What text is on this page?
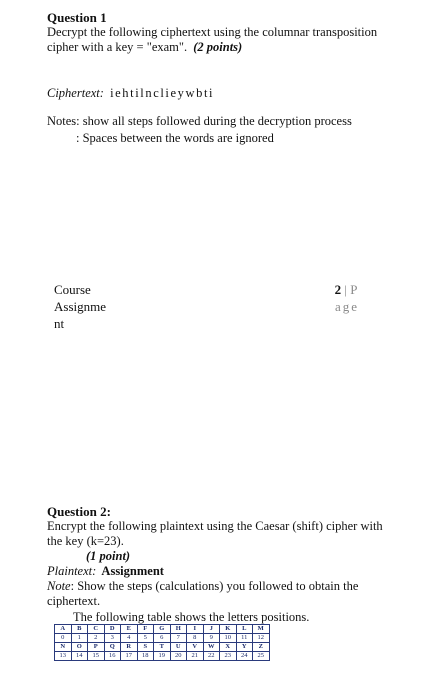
Question 1
Decrypt the following ciphertext using the columnar transposition
cipher with a key = "exam". (2 points)
Ciphertext: iehtilnclieywbti
Notes: show all steps followed during the decryption process
: Spaces between the words are ignored
Course
Assignme
nt
2 | P
age
Question 2:
Encrypt the following plaintext using the Caesar (shift) cipher with
the key (k=23).
(1 point)
Plaintext: Assignment
Note: Show the steps (calculations) you followed to obtain the
ciphertext.
The following table shows the letters positions.
A	B	C	D	E	F	G	H	I	J	K	L	M
0	1	2	3	4	5	6	7	8	9	10	11	12
N	O	P	Q	R	S	T	U	V	W	X	Y	Z
13	14	15	16	17	18	19	20	21	22	23	24	25
